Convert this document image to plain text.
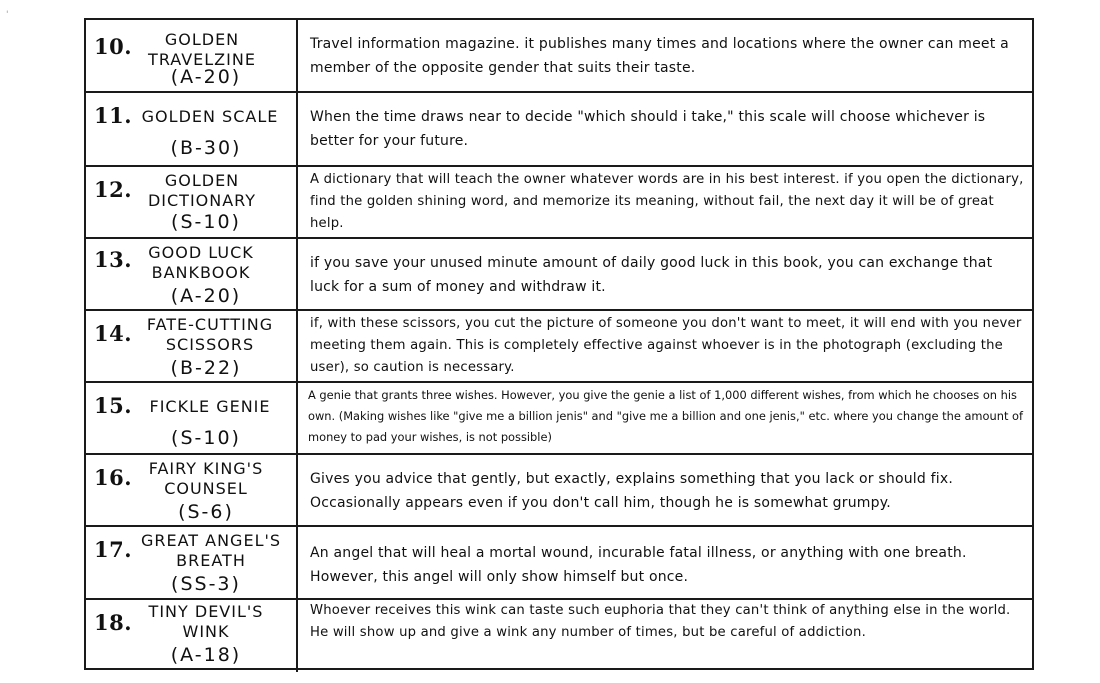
'
10.	GOLDEN TRAVELZINE
(A-20)
Travel information magazine. it publishes many times and locations where the owner can meet a member of the opposite gender that suits their taste.
11. GOLDEN SCALE
(B-30)
When the time draws near to decide "which should i take," this scale will choose whichever is better for your future.
12.	GOLDEN DICTIONARY
(S-10)
A dictionary that will teach the owner whatever words are in his best interest. if you open the dictionary, find the golden shining word, and memorize its meaning, without fail, the next day it will be of great help.
13.	GOOD LUCK BANKBOOK
(A-20)
if you save your unused minute amount of daily good luck in this book, you can exchange that luck for a sum of money and withdraw it.
14. FATE-CUTTING SCISSORS
(B-22)
if, with these scissors, you cut the picture of someone you don't want to meet, it will end with you never meeting them again. This is completely effective against whoever is in the photograph (excluding the user), so caution is necessary.
15.	FICKLE GENIE
(S-10)
A genie that grants three wishes. However, you give the genie a list of 1,000 different wishes, from which he chooses on his own. (Making wishes like "give me a billion jenis" and "give me a billion and one jenis," etc. where you change the amount of money to pad your wishes, is not possible)
16.	FAIRY KING'S COUNSEL
(S-6)
Gives you advice that gently, but exactly, explains something that you lack or should fix. Occasionally appears even if you don't call him, though he is somewhat grumpy.
17. GREAT ANGEL'S BREATH
(SS-3)
An angel that will heal a mortal wound, incurable fatal illness, or anything with one breath. However, this angel will only show himself but once.
18.	TINY DEVIL'S WINK
(A-18)
Whoever receives this wink can taste such euphoria that they can't think of anything else in the world. He will show up and give a wink any number of times, but be careful of addiction.
